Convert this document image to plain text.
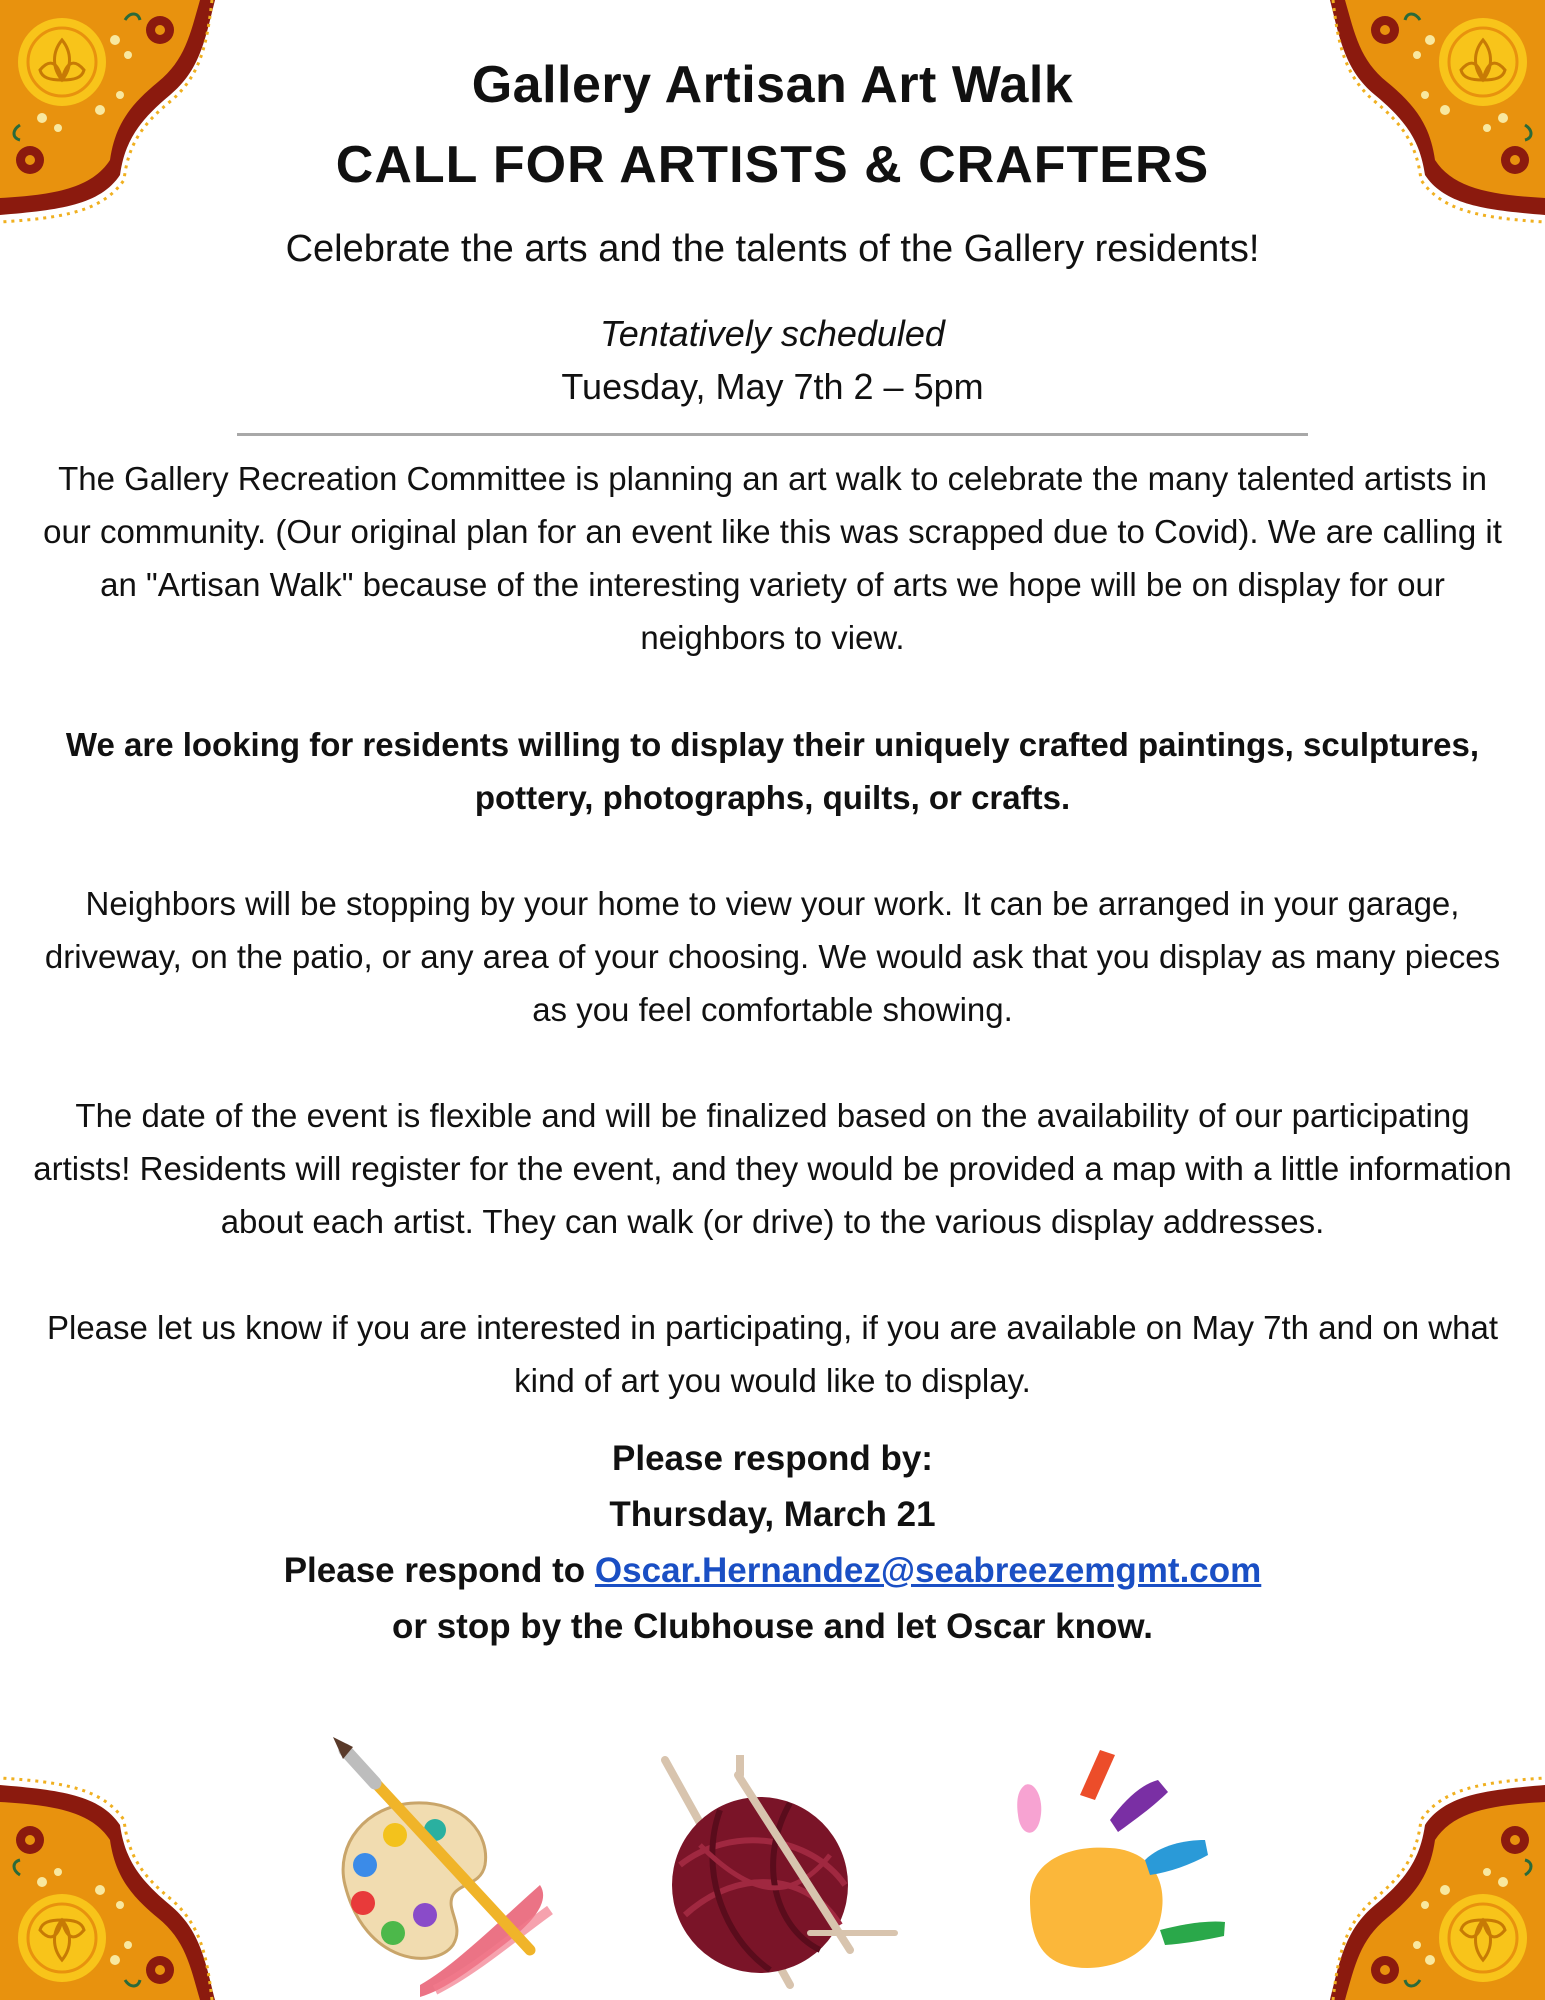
Gallery Artisan Art Walk
CALL FOR ARTISTS & CRAFTERS
Celebrate the arts and the talents of the Gallery residents!
Tentatively scheduled
Tuesday, May 7th 2 – 5pm
The Gallery Recreation Committee is planning an art walk to celebrate the many talented artists in our community. (Our original plan for an event like this was scrapped due to Covid). We are calling it an "Artisan Walk" because of the interesting variety of arts we hope will be on display for our neighbors to view.
We are looking for residents willing to display their uniquely crafted paintings, sculptures, pottery, photographs, quilts, or crafts.
Neighbors will be stopping by your home to view your work. It can be arranged in your garage, driveway, on the patio, or any area of your choosing. We would ask that you display as many pieces as you feel comfortable showing.
The date of the event is flexible and will be finalized based on the availability of our participating artists! Residents will register for the event, and they would be provided a map with a little information about each artist. They can walk (or drive) to the various display addresses.
Please let us know if you are interested in participating, if you are available on May 7th and on what kind of art you would like to display.
Please respond by:
Thursday, March 21
Please respond to Oscar.Hernandez@seabreezemgmt.com
or stop by the Clubhouse and let Oscar know.
